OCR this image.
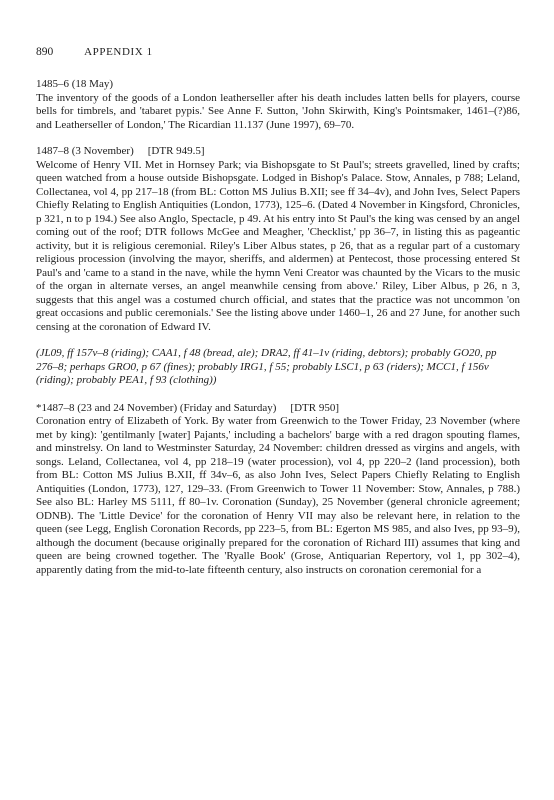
890	APPENDIX 1

1485–6 (18 May)

The inventory of the goods of a London leatherseller after his death includes latten bells for players, course bells for timbrels, and 'tabaret pypis.' See Anne F. Sutton, 'John Skirwith, King's Pointsmaker, 1461–(?)86, and Leatherseller of London,' The Ricardian 11.137 (June 1997), 69–70.

1487–8 (3 November) [DTR 949.5]

Welcome of Henry VII. Met in Hornsey Park; via Bishopsgate to St Paul's; streets gravelled, lined by crafts; queen watched from a house outside Bishopsgate. Lodged in Bishop's Palace. Stow, Annales, p 788; Leland, Collectanea, vol 4, pp 217–18 (from BL: Cotton MS Julius B.XII; see ff 34–4v), and John Ives, Select Papers Chiefly Relating to English Antiquities (London, 1773), 125–6. (Dated 4 November in Kingsford, Chronicles, p 321, n to p 194.) See also Anglo, Spectacle, p 49. At his entry into St Paul's the king was censed by an angel coming out of the roof; DTR follows McGee and Meagher, 'Checklist,' pp 36–7, in listing this as pageantic activity, but it is religious ceremonial. Riley's Liber Albus states, p 26, that as a regular part of a customary religious procession (involving the mayor, sheriffs, and aldermen) at Pentecost, those processing entered St Paul's and 'came to a stand in the nave, while the hymn Veni Creator was chaunted by the Vicars to the music of the organ in alternate verses, an angel meanwhile censing from above.' Riley, Liber Albus, p 26, n 3, suggests that this angel was a costumed church official, and states that the practice was not uncommon 'on great occasions and public ceremonials.' See the listing above under 1460–1, 26 and 27 June, for another such censing at the coronation of Edward IV.

(JL09, ff 157v–8 (riding); CAA1, f 48 (bread, ale); DRA2, ff 41–1v (riding, debtors); probably GO20, pp 276–8; perhaps GRO0, p 67 (fines); probably IRG1, f 55; probably LSC1, p 63 (riders); MCC1, f 156v (riding); probably PEA1, f 93 (clothing))

*1487–8 (23 and 24 November) (Friday and Saturday) [DTR 950]

Coronation entry of Elizabeth of York. By water from Greenwich to the Tower Friday, 23 November (where met by king): 'gentilmanly [water] Pajants,' including a bachelors' barge with a red dragon spouting flames, and minstrelsy. On land to Westminster Saturday, 24 November: children dressed as virgins and angels, with songs. Leland, Collectanea, vol 4, pp 218–19 (water procession), vol 4, pp 220–2 (land procession), both from BL: Cotton MS Julius B.XII, ff 34v–6, as also John Ives, Select Papers Chiefly Relating to English Antiquities (London, 1773), 127, 129–33. (From Greenwich to Tower 11 November: Stow, Annales, p 788.) See also BL: Harley MS 5111, ff 80–1v. Coronation (Sunday), 25 November (general chronicle agreement; ODNB). The 'Little Device' for the coronation of Henry VII may also be relevant here, in relation to the queen (see Legg, English Coronation Records, pp 223–5, from BL: Egerton MS 985, and also Ives, pp 93–9), although the document (because originally prepared for the coronation of Richard III) assumes that king and queen are being crowned together. The 'Ryalle Book' (Grose, Antiquarian Repertory, vol 1, pp 302–4), apparently dating from the mid-to-late fifteenth century, also instructs on coronation ceremonial for a
